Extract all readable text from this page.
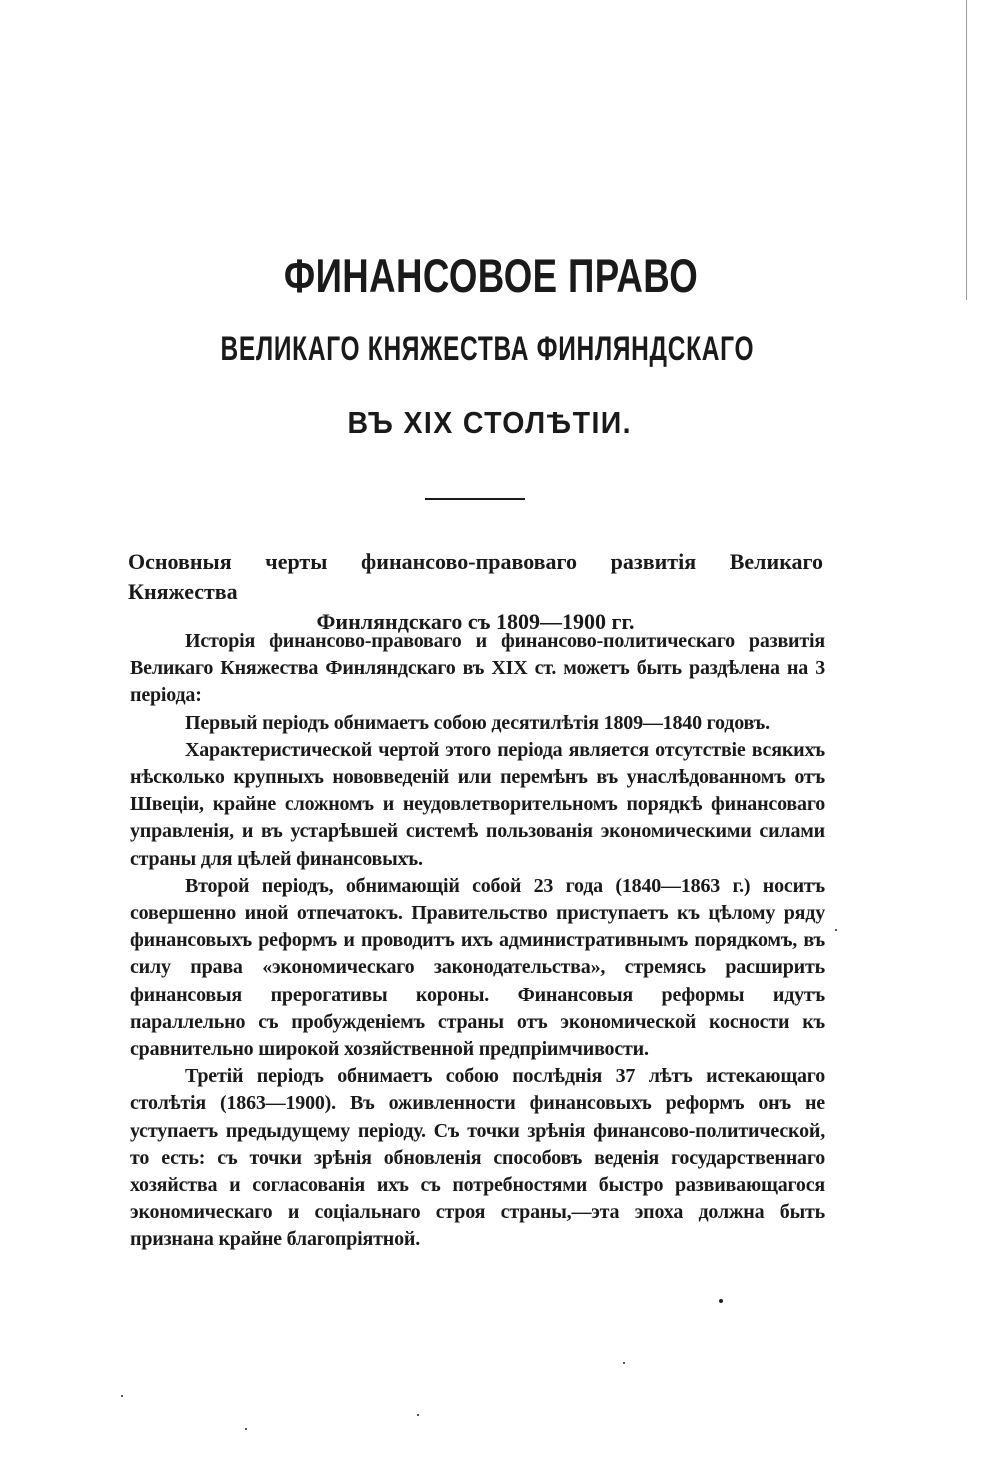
ФИНАНСОВОЕ ПРАВО
ВЕЛИКАГО КНЯЖЕСТВА ФИНЛЯНДСКАГО
ВЪ XIX СТОЛѢТІИ.
Основныя черты финансово-правоваго развитія Великаго Княжества
Финляндскаго съ 1809—1900 гг.

Исторія финансово-правоваго и финансово-политическаго развитія Великаго Княжества Финляндскаго въ XIX ст. можетъ быть раздѣлена на 3 періода:

Первый періодъ обнимаетъ собою десятилѣтія 1809—1840 годовъ.

Характеристической чертой этого періода является отсутствіе всякихъ нѣсколько крупныхъ нововведеній или перемѣнъ въ унаслѣдованномъ отъ Швеціи, крайне сложномъ и неудовлетворительномъ порядкѣ финансоваго управленія, и въ устарѣвшей системѣ пользованія экономическими силами страны для цѣлей финансовыхъ.

Второй періодъ, обнимающій собой 23 года (1840—1863 г.) носитъ совершенно иной отпечатокъ. Правительство приступаетъ къ цѣлому ряду финансовыхъ реформъ и проводитъ ихъ административнымъ порядкомъ, въ силу права «экономическаго законодательства», стремясь расширить финансовыя прерогативы короны. Финансовыя реформы идутъ параллельно съ пробужденіемъ страны отъ экономической косности къ сравнительно широкой хозяйственной предпріимчивости.

Третій періодъ обнимаетъ собою послѣднія 37 лѣтъ истекающаго столѣтія (1863—1900). Въ оживленности финансовыхъ реформъ онъ не уступаетъ предыдущему періоду. Съ точки зрѣнія финансово-политической, то есть: съ точки зрѣнія обновленія способовъ веденія государственнаго хозяйства и согласованія ихъ съ потребностями быстро развивающагося экономическаго и соціальнаго строя страны,—эта эпоха должна быть признана крайне благопріятной.
